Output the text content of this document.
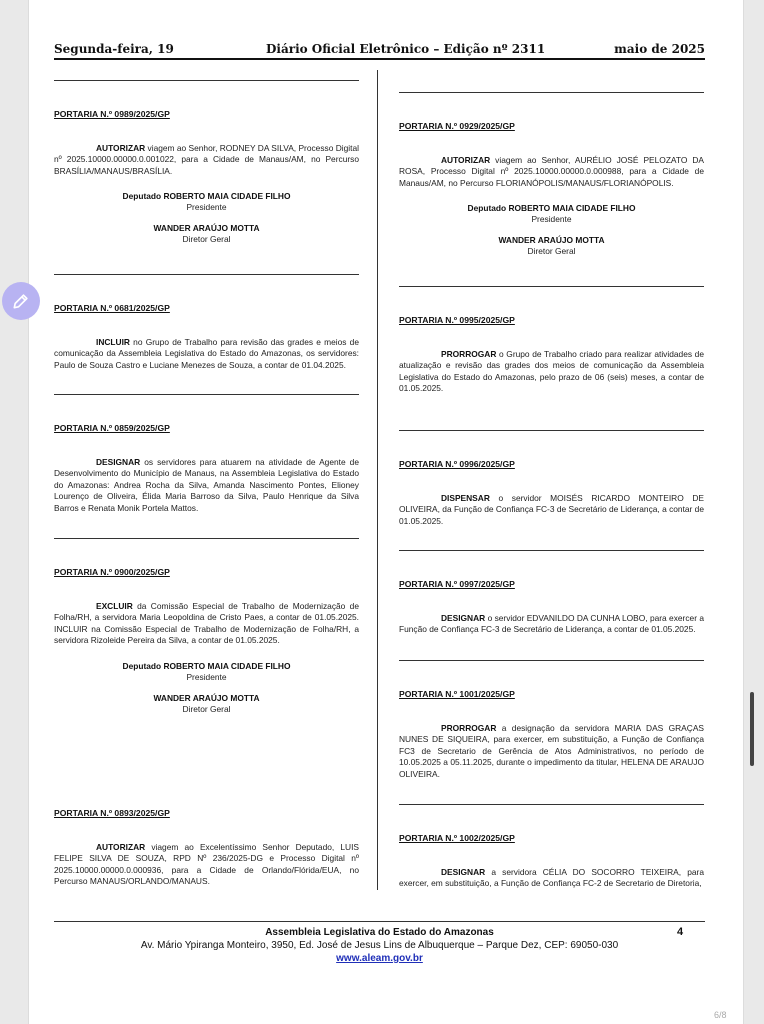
Segunda-feira, 19	Diário Oficial Eletrônico – Edição nº 2311	maio de 2025
PORTARIA N.º 0989/2025/GP
AUTORIZAR viagem ao Senhor, RODNEY DA SILVA, Processo Digital nº 2025.10000.00000.0.001022, para a Cidade de Manaus/AM, no Percurso BRASÍLIA/MANAUS/BRASÍLIA.
Deputado ROBERTO MAIA CIDADE FILHO
Presidente
WANDER ARAÚJO MOTTA
Diretor Geral
PORTARIA N.º 0681/2025/GP
INCLUIR no Grupo de Trabalho para revisão das grades e meios de comunicação da Assembleia Legislativa do Estado do Amazonas, os servidores: Paulo de Souza Castro e Luciane Menezes de Souza, a contar de 01.04.2025.
PORTARIA N.º 0859/2025/GP
DESIGNAR os servidores para atuarem na atividade de Agente de Desenvolvimento do Município de Manaus, na Assembleia Legislativa do Estado do Amazonas: Andrea Rocha da Silva, Amanda Nascimento Pontes, Elioney Lourenço de Oliveira, Élida Maria Barroso da Silva, Paulo Henrique da Silva Barros e Renata Monik Portela Mattos.
PORTARIA N.º 0900/2025/GP
EXCLUIR da Comissão Especial de Trabalho de Modernização de Folha/RH, a servidora Maria Leopoldina de Cristo Paes, a contar de 01.05.2025. INCLUIR na Comissão Especial de Trabalho de Modernização de Folha/RH, a servidora Rizoleide Pereira da Silva, a contar de 01.05.2025.
Deputado ROBERTO MAIA CIDADE FILHO
Presidente
WANDER ARAÚJO MOTTA
Diretor Geral
PORTARIA N.º 0893/2025/GP
AUTORIZAR viagem ao Excelentíssimo Senhor Deputado, LUIS FELIPE SILVA DE SOUZA, RPD Nº 236/2025-DG e Processo Digital nº 2025.10000.00000.0.000936, para a Cidade de Orlando/Flórida/EUA, no Percurso MANAUS/ORLANDO/MANAUS.
PORTARIA N.º 0929/2025/GP
AUTORIZAR viagem ao Senhor, AURÉLIO JOSÉ PELOZATO DA ROSA, Processo Digital nº 2025.10000.00000.0.000988, para a Cidade de Manaus/AM, no Percurso FLORIANÓPOLIS/MANAUS/FLORIANÓPOLIS.
Deputado ROBERTO MAIA CIDADE FILHO
Presidente
WANDER ARAÚJO MOTTA
Diretor Geral
PORTARIA N.º 0995/2025/GP
PRORROGAR o Grupo de Trabalho criado para realizar atividades de atualização e revisão das grades dos meios de comunicação da Assembleia Legislativa do Estado do Amazonas, pelo prazo de 06 (seis) meses, a contar de 01.05.2025.
PORTARIA N.º 0996/2025/GP
DISPENSAR o servidor MOISÉS RICARDO MONTEIRO DE OLIVEIRA, da Função de Confiança FC-3 de Secretário de Liderança, a contar de 01.05.2025.
PORTARIA N.º 0997/2025/GP
DESIGNAR o servidor EDVANILDO DA CUNHA LOBO, para exercer a Função de Confiança FC-3 de Secretário de Liderança, a contar de 01.05.2025.
PORTARIA N.º 1001/2025/GP
PRORROGAR a designação da servidora MARIA DAS GRAÇAS NUNES DE SIQUEIRA, para exercer, em substituição, a Função de Confiança FC3 de Secretario de Gerência de Atos Administrativos, no período de 10.05.2025 a 05.11.2025, durante o impedimento da titular, HELENA DE ARAUJO OLIVEIRA.
PORTARIA N.º 1002/2025/GP
DESIGNAR a servidora CÉLIA DO SOCORRO TEIXEIRA, para exercer, em substituição, a Função de Confiança FC-2 de Secretario de Diretoria,
Assembleia Legislativa do Estado do Amazonas
Av. Mário Ypiranga Monteiro, 3950, Ed. José de Jesus Lins de Albuquerque – Parque Dez, CEP: 69050-030
www.aleam.gov.br
4
6/8
